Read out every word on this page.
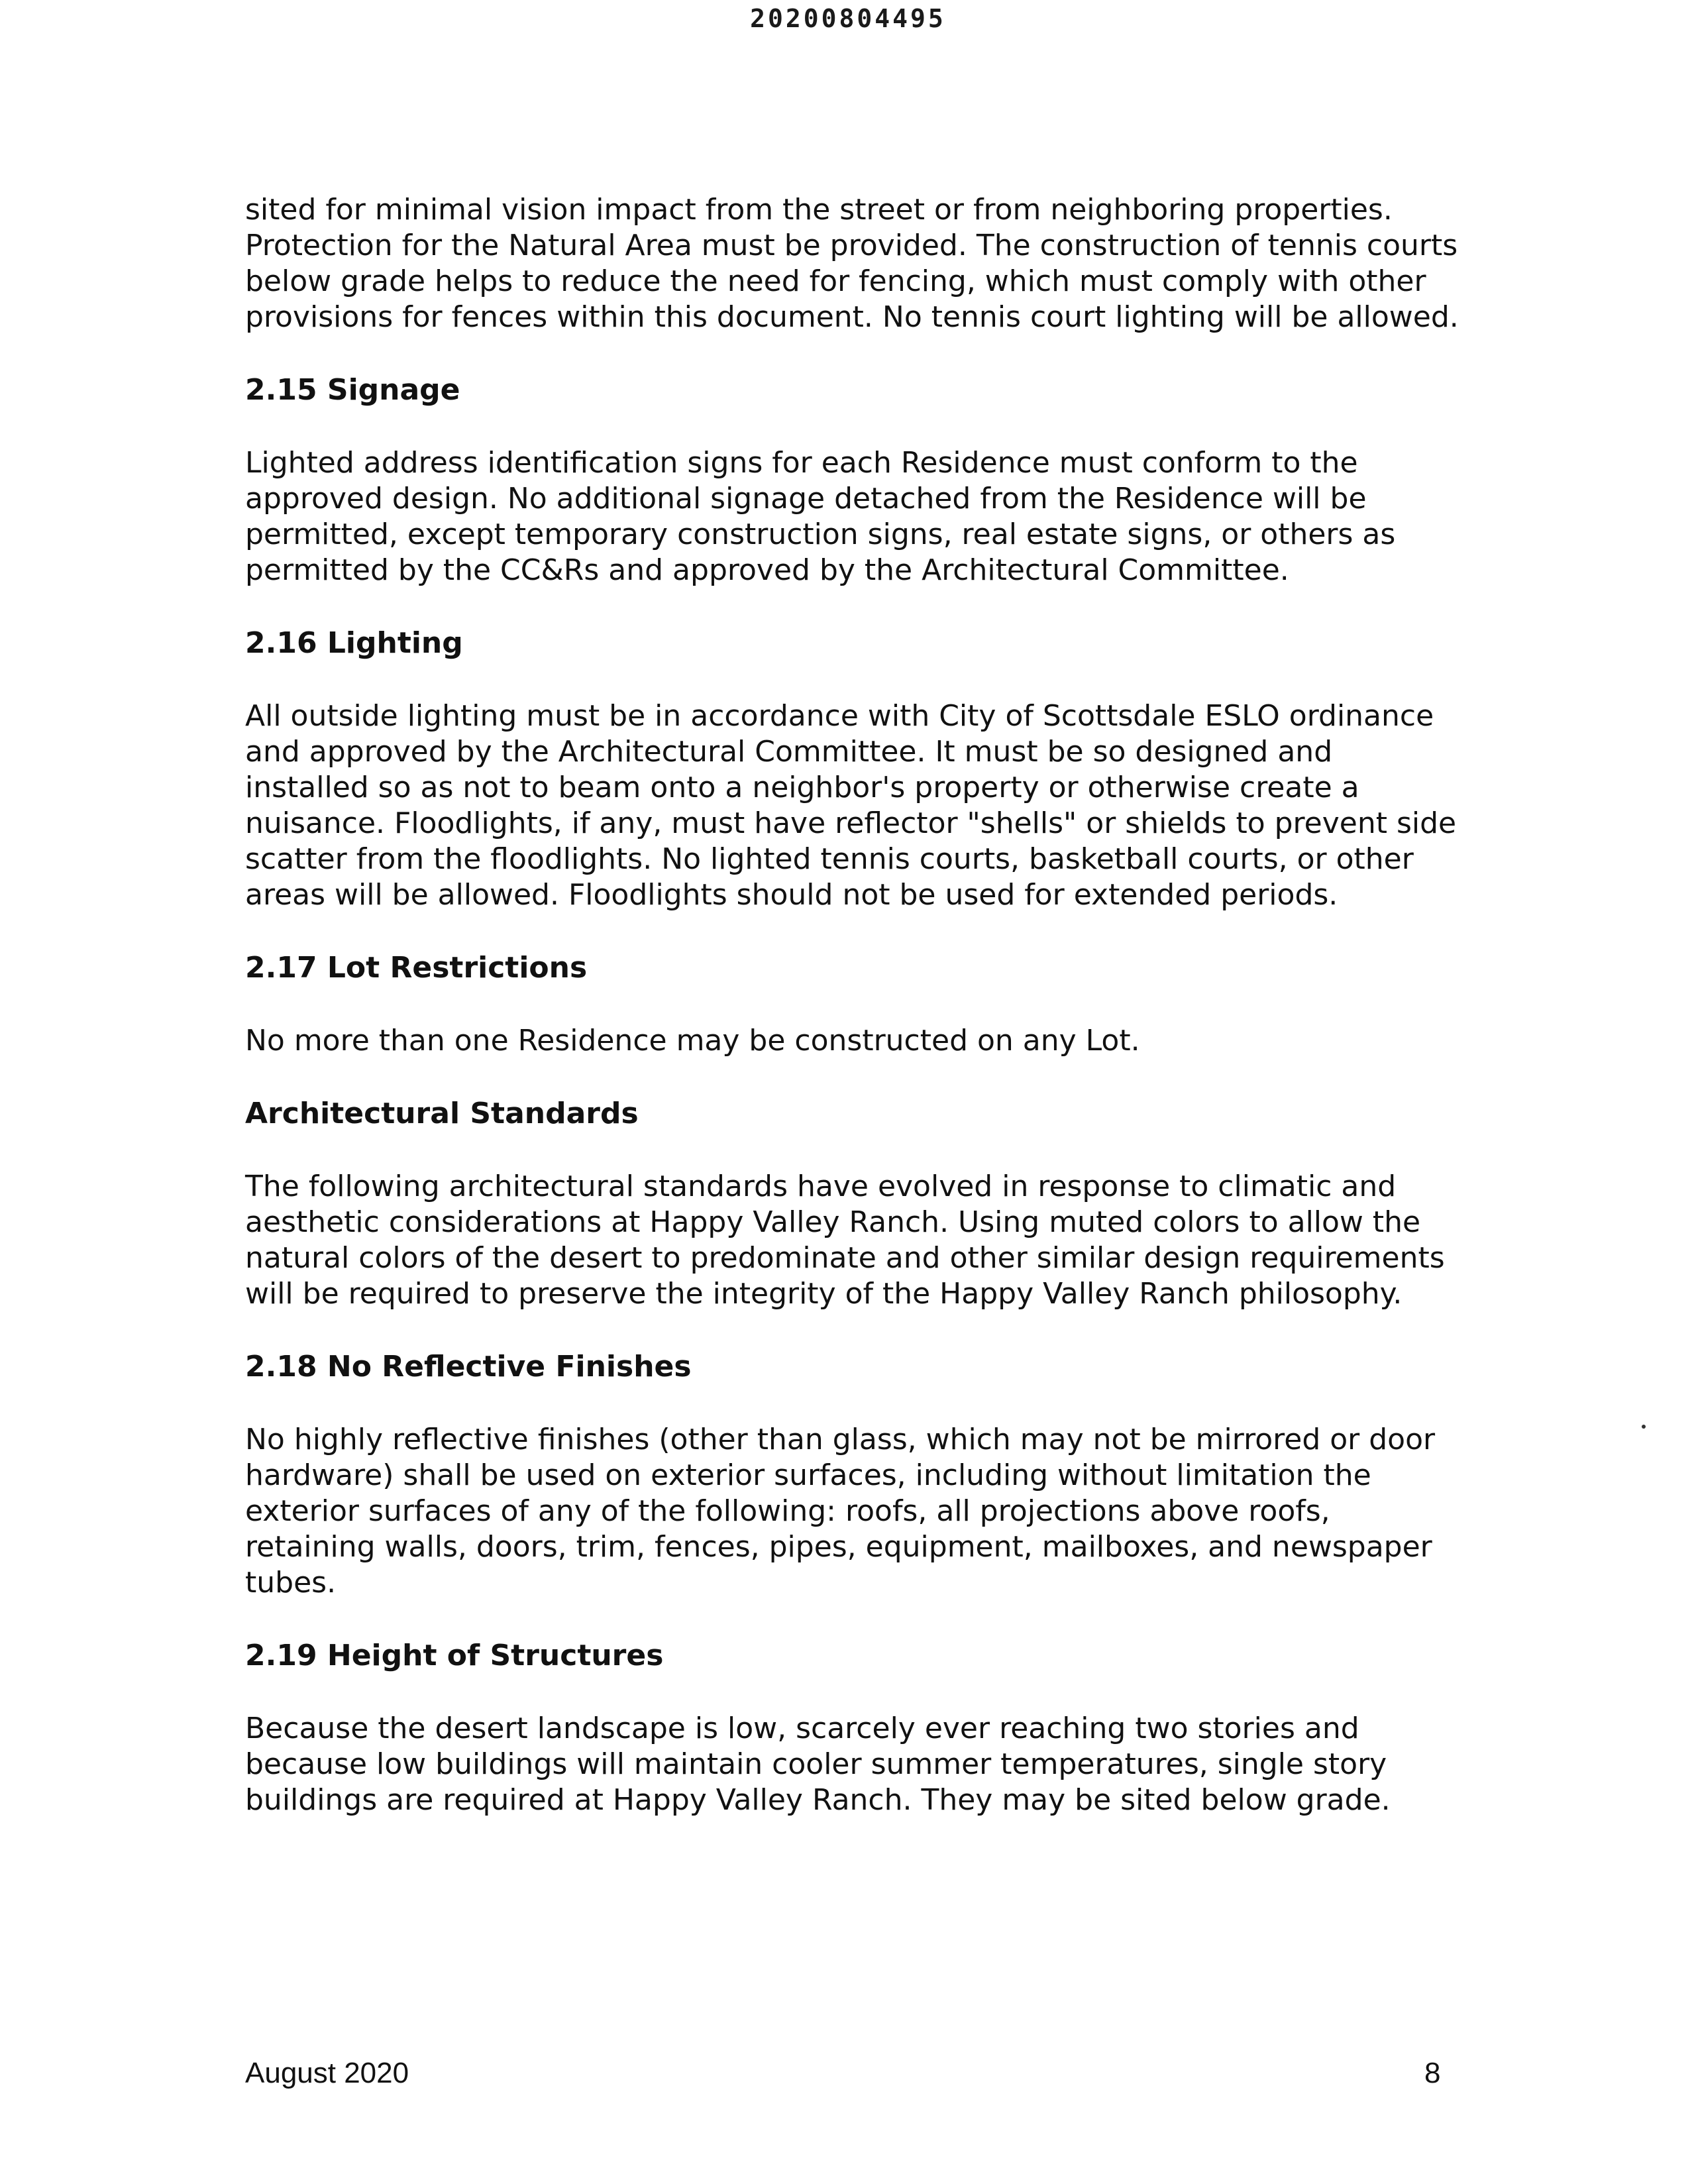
20200804495

sited for minimal vision impact from the street or from neighboring properties. Protection for the Natural Area must be provided. The construction of tennis courts below grade helps to reduce the need for fencing, which must comply with other provisions for fences within this document. No tennis court lighting will be allowed.

2.15 Signage

Lighted address identification signs for each Residence must conform to the approved design. No additional signage detached from the Residence will be permitted, except temporary construction signs, real estate signs, or others as permitted by the CC&Rs and approved by the Architectural Committee.

2.16 Lighting

All outside lighting must be in accordance with City of Scottsdale ESLO ordinance and approved by the Architectural Committee. It must be so designed and installed so as not to beam onto a neighbor's property or otherwise create a nuisance. Floodlights, if any, must have reflector "shells" or shields to prevent side scatter from the floodlights. No lighted tennis courts, basketball courts, or other areas will be allowed. Floodlights should not be used for extended periods.

2.17 Lot Restrictions

No more than one Residence may be constructed on any Lot.

Architectural Standards

The following architectural standards have evolved in response to climatic and aesthetic considerations at Happy Valley Ranch. Using muted colors to allow the natural colors of the desert to predominate and other similar design requirements will be required to preserve the integrity of the Happy Valley Ranch philosophy.

2.18 No Reflective Finishes

No highly reflective finishes (other than glass, which may not be mirrored or door hardware) shall be used on exterior surfaces, including without limitation the exterior surfaces of any of the following: roofs, all projections above roofs, retaining walls, doors, trim, fences, pipes, equipment, mailboxes, and newspaper tubes.

2.19 Height of Structures

Because the desert landscape is low, scarcely ever reaching two stories and because low buildings will maintain cooler summer temperatures, single story buildings are required at Happy Valley Ranch. They may be sited below grade.

August 2020	8
